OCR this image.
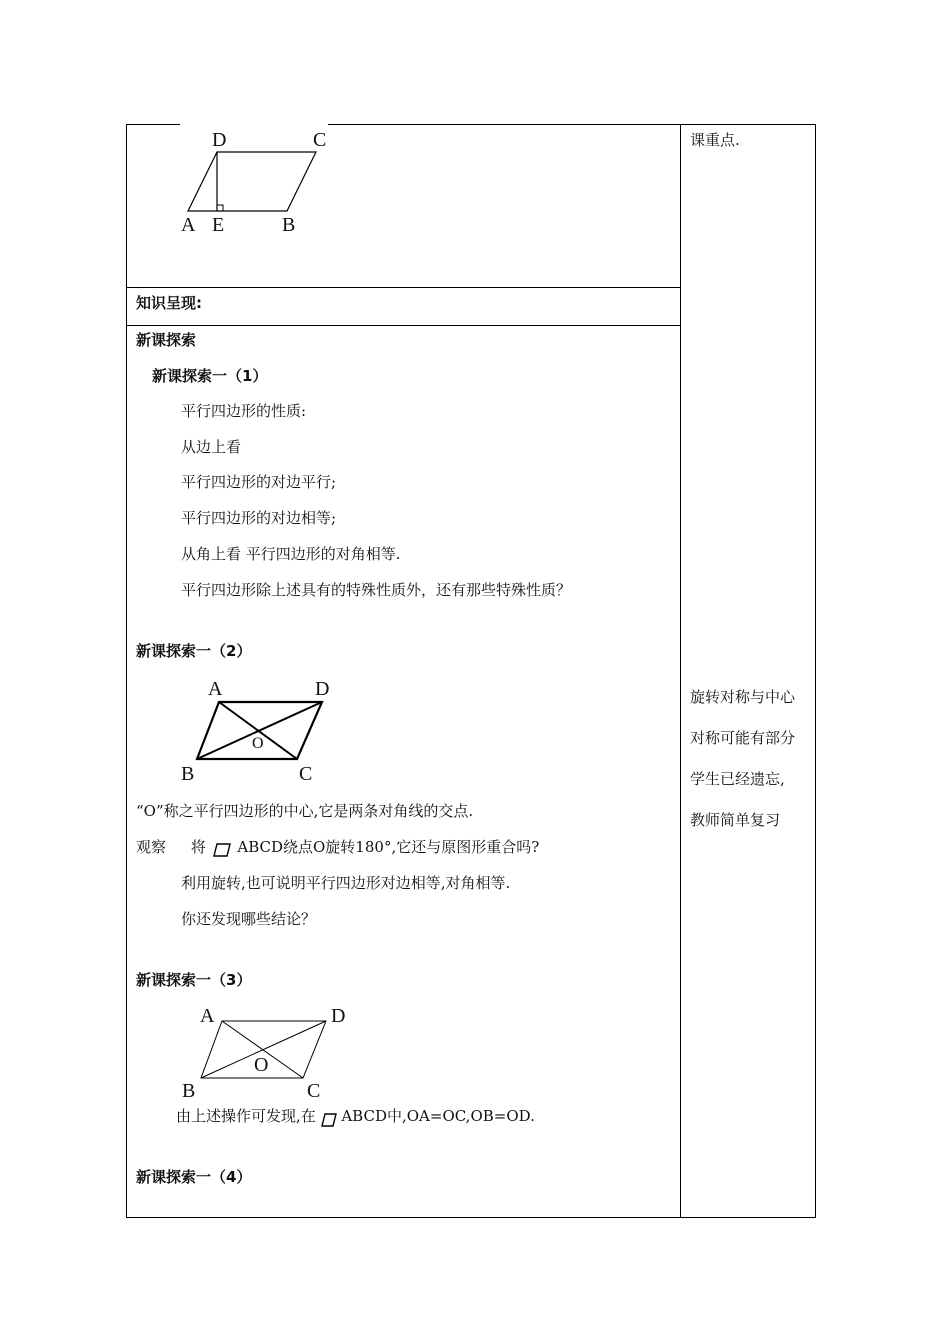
课重点.
旋转对称与中心
对称可能有部分
学生已经遗忘,
教师简单复习
D	C
A E	B
知识呈现:
新课探索
新课探索一（1）
平行四边形的性质:
从边上看
平行四边形的对边平行;
平行四边形的对边相等;
从角上看 平行四边形的对角相等.
平行四边形除上述具有的特殊性质外，还有那些特殊性质？
新课探索一（2）
A	D
O
B	C
“O”称之平行四边形的中心,它是两条对角线的交点.
观察 将 ABCD绕点O旋转180°,它还与原图形重合吗?
利用旋转,也可说明平行四边形对边相等,对角相等.
你还发现哪些结论？
新课探索一（3）
A	D
O
B	C
由上述操作可发现,在  ABCD中,OA=OC,OB=OD.
新课探索一（4）
